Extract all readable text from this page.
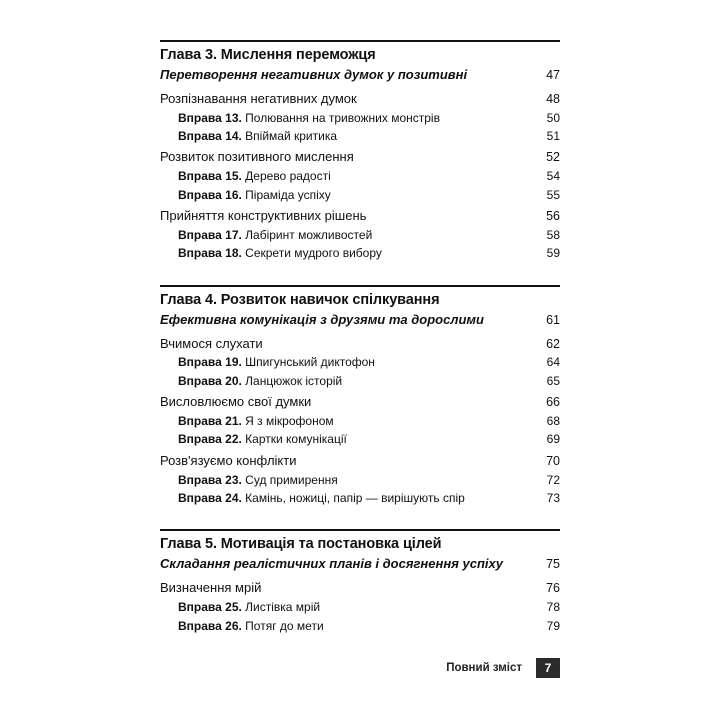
Глава 3. Мислення переможця
Перетворення негативних думок у позитивні	47
Розпізнавання негативних думок	48
Вправа 13. Полювання на тривожних монстрів	50
Вправа 14. Впіймай критика	51
Розвиток позитивного мислення	52
Вправа 15. Дерево радості	54
Вправа 16. Піраміда успіху	55
Прийняття конструктивних рішень	56
Вправа 17. Лабіринт можливостей	58
Вправа 18. Секрети мудрого вибору	59
Глава 4. Розвиток навичок спілкування
Ефективна комунікація з друзями та дорослими	61
Вчимося слухати	62
Вправа 19. Шпигунський диктофон	64
Вправа 20. Ланцюжок історій	65
Висловлюємо свої думки	66
Вправа 21. Я з мікрофоном	68
Вправа 22. Картки комунікації	69
Розв'язуємо конфлікти	70
Вправа 23. Суд примирення	72
Вправа 24. Камінь, ножиці, папір — вирішують спір	73
Глава 5. Мотивація та постановка цілей
Складання реалістичних планів і досягнення успіху	75
Визначення мрій	76
Вправа 25. Листівка мрій	78
Вправа 26. Потяг до мети	79
Повний зміст	7
